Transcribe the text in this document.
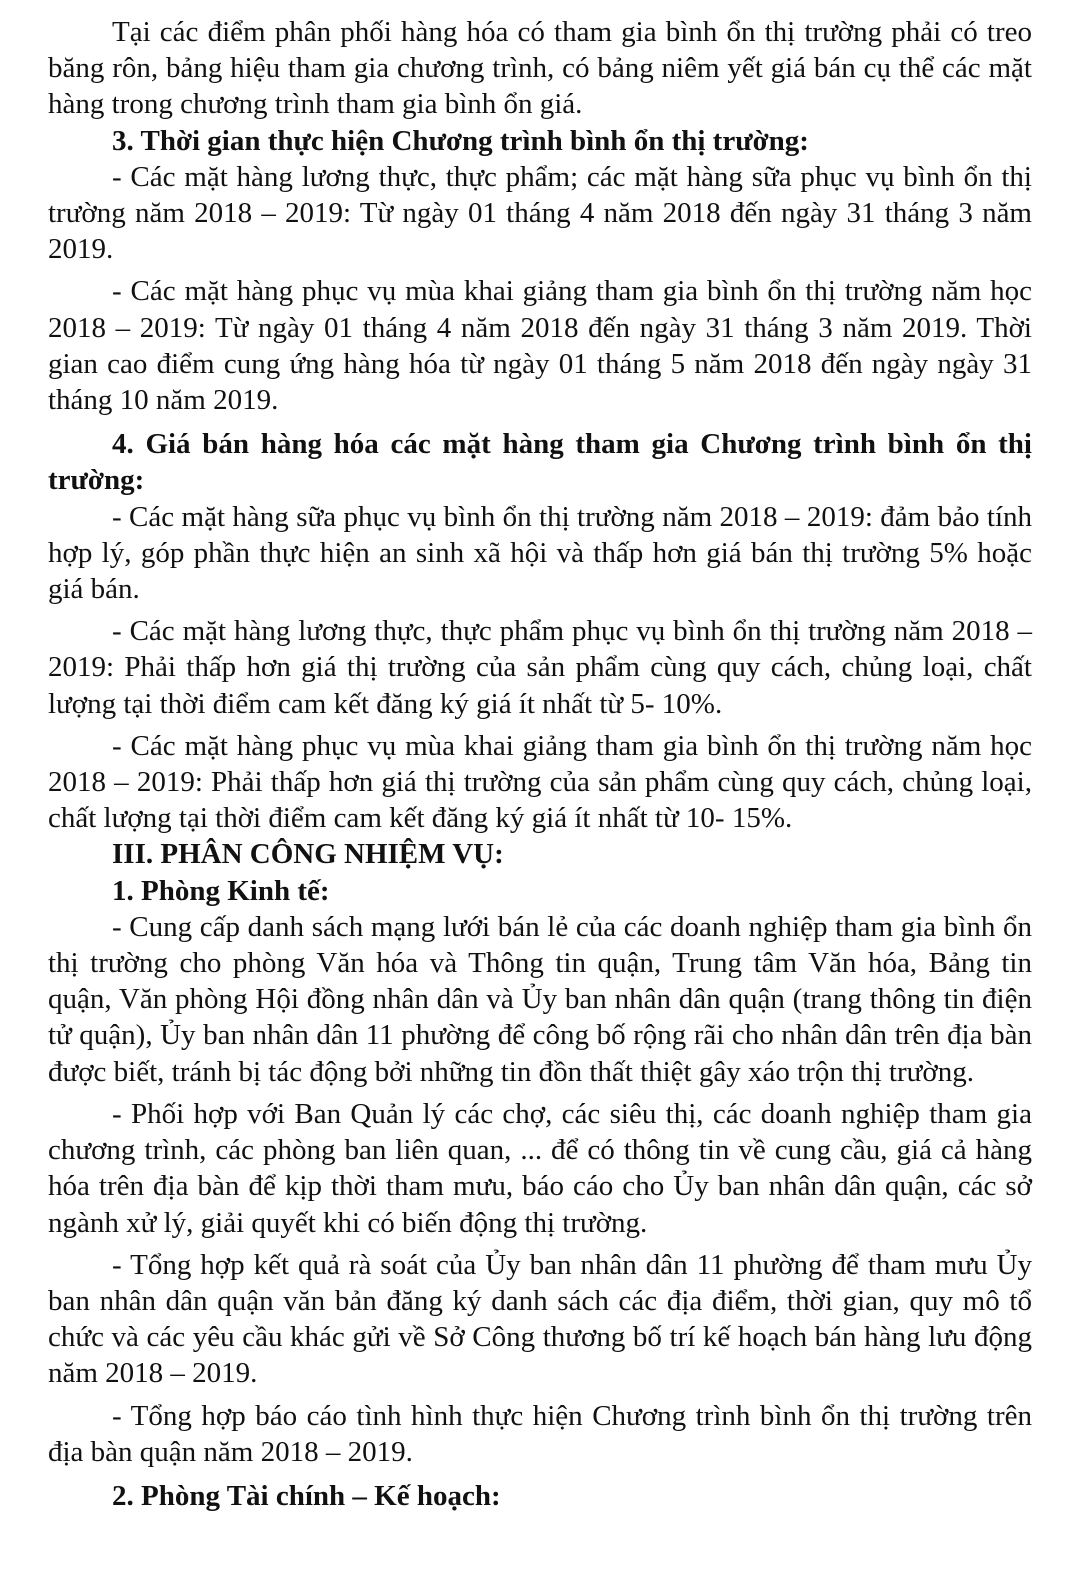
Tại các điểm phân phối hàng hóa có tham gia bình ổn thị trường phải có treo băng rôn, bảng hiệu tham gia chương trình, có bảng niêm yết giá bán cụ thể các mặt hàng trong chương trình tham gia bình ổn giá.

3. Thời gian thực hiện Chương trình bình ổn thị trường:

- Các mặt hàng lương thực, thực phẩm; các mặt hàng sữa phục vụ bình ổn thị trường năm 2018 – 2019: Từ ngày 01 tháng 4 năm 2018 đến ngày 31 tháng 3 năm 2019.

- Các mặt hàng phục vụ mùa khai giảng tham gia bình ổn thị trường năm học 2018 – 2019: Từ ngày 01 tháng 4 năm 2018 đến ngày 31 tháng 3 năm 2019. Thời gian cao điểm cung ứng hàng hóa từ ngày 01 tháng 5 năm 2018 đến ngày ngày 31 tháng 10 năm 2019.

4. Giá bán hàng hóa các mặt hàng tham gia Chương trình bình ổn thị trường:

- Các mặt hàng sữa phục vụ bình ổn thị trường năm 2018 – 2019: đảm bảo tính hợp lý, góp phần thực hiện an sinh xã hội và thấp hơn giá bán thị trường 5% hoặc giá bán.

- Các mặt hàng lương thực, thực phẩm phục vụ bình ổn thị trường năm 2018 – 2019: Phải thấp hơn giá thị trường của sản phẩm cùng quy cách, chủng loại, chất lượng tại thời điểm cam kết đăng ký giá ít nhất từ 5- 10%.

- Các mặt hàng phục vụ mùa khai giảng tham gia bình ổn thị trường năm học 2018 – 2019: Phải thấp hơn giá thị trường của sản phẩm cùng quy cách, chủng loại, chất lượng tại thời điểm cam kết đăng ký giá ít nhất từ 10- 15%.

III. PHÂN CÔNG NHIỆM VỤ:

1. Phòng Kinh tế:

- Cung cấp danh sách mạng lưới bán lẻ của các doanh nghiệp tham gia bình ổn thị trường cho phòng Văn hóa và Thông tin quận, Trung tâm Văn hóa, Bảng tin quận, Văn phòng Hội đồng nhân dân và Ủy ban nhân dân quận (trang thông tin điện tử quận), Ủy ban nhân dân 11 phường để công bố rộng rãi cho nhân dân trên địa bàn được biết, tránh bị tác động bởi những tin đồn thất thiệt gây xáo trộn thị trường.

- Phối hợp với Ban Quản lý các chợ, các siêu thị, các doanh nghiệp tham gia chương trình, các phòng ban liên quan, ... để có thông tin về cung cầu, giá cả hàng hóa trên địa bàn để kịp thời tham mưu, báo cáo cho Ủy ban nhân dân quận, các sở ngành xử lý, giải quyết khi có biến động thị trường.

- Tổng hợp kết quả rà soát của Ủy ban nhân dân 11 phường để tham mưu Ủy ban nhân dân quận văn bản đăng ký danh sách các địa điểm, thời gian, quy mô tổ chức và các yêu cầu khác gửi về Sở Công thương bố trí kế hoạch bán hàng lưu động năm 2018 – 2019.

- Tổng hợp báo cáo tình hình thực hiện Chương trình bình ổn thị trường trên địa bàn quận năm 2018 – 2019.

2. Phòng Tài chính – Kế hoạch:
